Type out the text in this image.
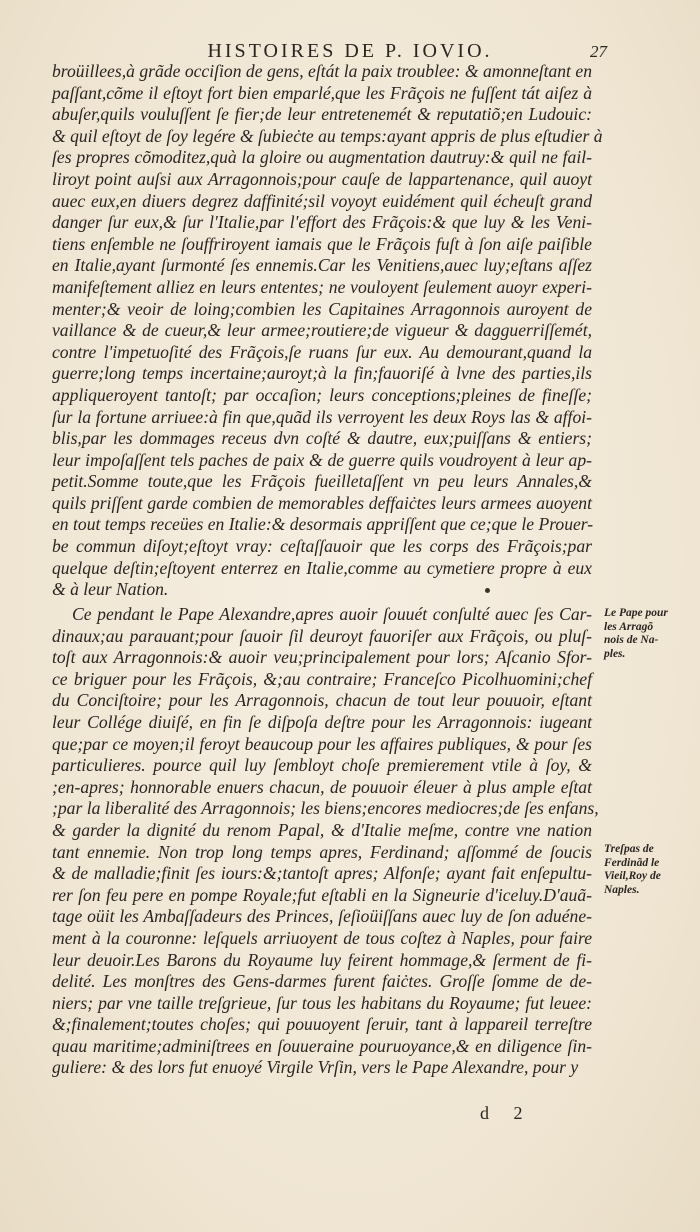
HISTOIRES DE P. IOVIO.	27
broüillees,à grãde occiſion de gens, eſtát la paix troublee: & amonneſtant en
paſſant,cõme il eſtoyt fort bien emparlé,que les Frãçois ne fuſſent tát aiſez à
abuſer,quils vouluſſent ſe fier;de leur entretenemét & reputatiõ;en Ludouic:
& quil eſtoyt de ſoy legére & ſubieċte au temps:ayant appris de plus eſtudier à
ſes propres cõmoditez,quà la gloire ou augmentation dautruy:& quil ne fail-
liroyt point auſsi aux Arragonnois;pour cauſe de lappartenance, quil auoyt
auec eux,en diuers degrez daffinité;sil voyoyt euidément quil écheuſt grand
danger ſur eux,& ſur l'Italie,par l'effort des Frãçois:& que luy & les Veni-
tiens enſemble ne ſouffriroyent iamais que le Frãçois fuſt à ſon aiſe paiſible
en Italie,ayant ſurmonté ſes ennemis.Car les Venitiens,auec luy;eſtans aſſez
manifeſtement alliez en leurs ententes; ne vouloyent ſeulement auoyr experi-
menter;& veoir de loing;combien les Capitaines Arragonnois auroyent de
vaillance & de cueur,& leur armee;routiere;de vigueur & dagguerriſſemét,
contre l'impetuoſité des Frãçois,ſe ruans ſur eux. Au demourant,quand la
guerre;long temps incertaine;auroyt;à la fin;fauoriſé à lvne des parties,ils
appliqueroyent tantoſt; par occaſion; leurs conceptions;pleines de fineſſe;
ſur la fortune arriuee:à fin que,quãd ils verroyent les deux Roys las & affoi-
blis,par les dommages receus dvn coſté & dautre, eux;puiſſans & entiers;
leur impoſaſſent tels paches de paix & de guerre quils voudroyent à leur ap-
petit.Somme toute,que les Frãçois fueilletaſſent vn peu leurs Annales,&
quils priſſent garde combien de memorables deffaiċtes leurs armees auoyent
en tout temps receües en Italie:& desormais appriſſent que ce;que le Prouer-
be commun diſoyt;eſtoyt vray: ceſtaſſauoir que les corps des Frãçois;par
quelque deſtin;eſtoyent enterrez en Italie,comme au cymetiere propre à eux
& à leur Nation.
Ce pendant le Pape Alexandre,apres auoir ſouuét conſulté auec ſes Car-
dinaux;au parauant;pour ſauoir ſil deuroyt fauoriſer aux Frãçois, ou pluſ-
toſt aux Arragonnois:& auoir veu;principalement pour lors; Aſcanio Sfor-
ce briguer pour les Frãçois, &;au contraire; Franceſco Picolhuomini;chef
du Conciſtoire; pour les Arragonnois, chacun de tout leur pouuoir, eſtant
leur Collége diuiſé, en fin ſe diſpoſa deſtre pour les Arragonnois: iugeant
que;par ce moyen;il feroyt beaucoup pour les affaires publiques, & pour ſes
particulieres. pource quil luy ſembloyt choſe premierement vtile à ſoy, &
;en-apres; honnorable enuers chacun, de pouuoir éleuer à plus ample eſtat
;par la liberalité des Arragonnois; les biens;encores mediocres;de ſes enfans,
& garder la dignité du renom Papal, & d'Italie meſme, contre vne nation
tant ennemie. Non trop long temps apres, Ferdinand; aſſommé de ſoucis
& de malladie;finit ſes iours:&;tantoſt apres; Alfonſe; ayant fait enſepultu-
rer ſon feu pere en pompe Royale;fut eſtabli en la Signeurie d'iceluy.D'auã-
tage oüit les Ambaſſadeurs des Princes, ſeſioüiſſans auec luy de ſon aduéne-
ment à la couronne: leſquels arriuoyent de tous coſtez à Naples, pour faire
leur deuoir.Les Barons du Royaume luy feirent hommage,& ſerment de fi-
delité. Les monſtres des Gens-darmes furent faiċtes. Groſſe ſomme de de-
niers; par vne taille treſgrieue, ſur tous les habitans du Royaume; fut leuee:
&;finalement;toutes choſes; qui pouuoyent ſeruir, tant à lappareil terreſtre
quau maritime;adminiſtrees en ſouueraine pouruoyance,& en diligence ſin-
guliere: & des lors fut enuoyé Virgile Vrſin, vers le Pape Alexandre, pour y
Le Pape pour
les Arragõ
nois de Na-
ples.
Treſpas de
Ferdinãd le
Vieil,Roy de
Naples.
d 2
